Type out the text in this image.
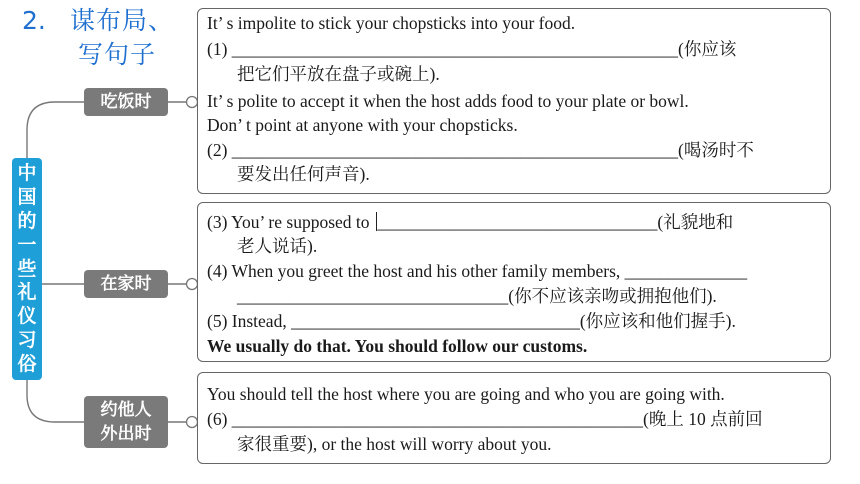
2. 谋布局、
写句子
中
国
的
一
些
礼
仪
习
俗
吃饭时
在家时
约他人
外出时
It’ s impolite to stick your chopsticks into your food.
(1) ___________________________________________________(你应该
把它们平放在盘子或碗上).
It’ s polite to accept it when the host adds food to your plate or bowl.
Don’ t point at anyone with your chopsticks.
(2) ___________________________________________________(喝汤时不
要发出任何声音).
(3) You’ re supposed to ________________________________(礼貌地和
老人说话).
(4) When you greet the host and his other family members, ______________
_______________________________(你不应该亲吻或拥抱他们).
(5) Instead, _________________________________(你应该和他们握手).
We usually do that. You should follow our customs.
You should tell the host where you are going and who you are going with.
(6) _______________________________________________(晚上 10 点前回
家很重要), or the host will worry about you.
